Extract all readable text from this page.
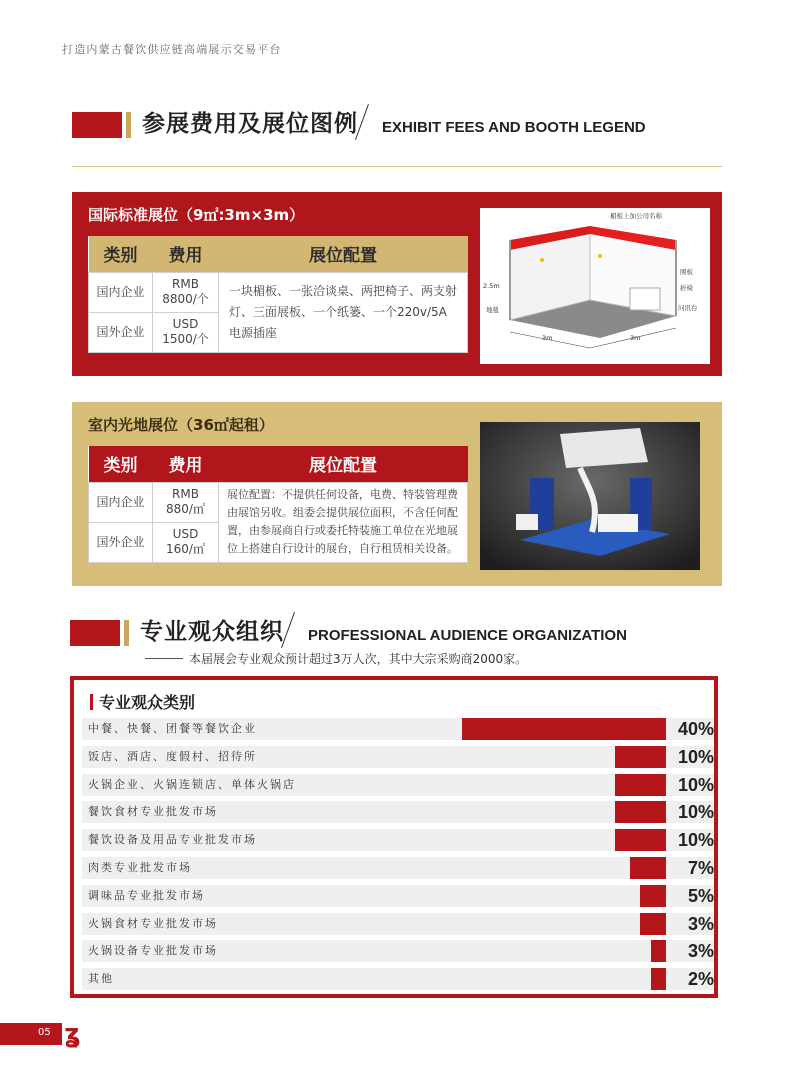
打造内蒙古餐饮供应链高端展示交易平台
参展费用及展位图例 EXHIBIT FEES AND BOOTH LEGEND
国际标准展位（9㎡:3m×3m）
类别	费用	展位配置
国内企业	RMB
8800/个	一块楣板、一张洽谈桌、两把椅子、两支射灯、三面展板、一个纸篓、一个220v/5A电源插座
国外企业	USD
1500/个	
楣板上加公司名称
围板
折椅
2.5m
地毯	问讯台
3m	3m
室内光地展位（36㎡起租）
类别	费用	展位配置
国内企业	RMB
880/㎡	展位配置：不提供任何设备，电费、特装管理费由展馆另收。组委会提供展位面积，不含任何配置，由参展商自行或委托特装施工单位在光地展位上搭建自行设计的展台，自行租赁相关设备。
国外企业	USD
160/㎡	
专业观众组织 PROFESSIONAL AUDIENCE ORGANIZATION
本届展会专业观众预计超过3万人次，其中大宗采购商2000家。
专业观众类别
中餐、快餐、团餐等餐饮企业	40%
饭店、酒店、度假村、招待所	10%
火锅企业、火锅连锁店、单体火锅店	10%
餐饮食材专业批发市场	10%
餐饮设备及用品专业批发市场	10%
肉类专业批发市场	7%
调味品专业批发市场	5%
火锅食材专业批发市场	3%
火锅设备专业批发市场	3%
其他	2%
05 ʓ
